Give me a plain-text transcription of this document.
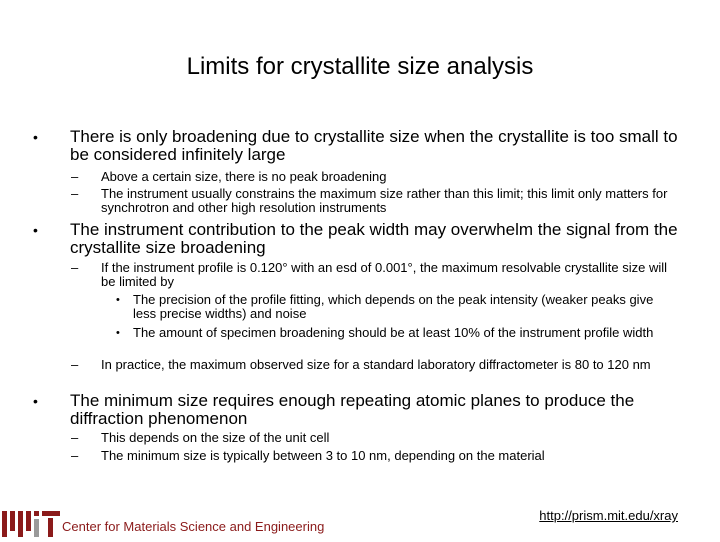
Limits for crystallite size analysis
• There is only broadening due to crystallite size when the crystallite is too small to be considered infinitely large
– Above a certain size, there is no peak broadening
– The instrument usually constrains the maximum size rather than this limit; this limit only matters for synchrotron and other high resolution instruments
• The instrument contribution to the peak width may overwhelm the signal from the crystallite size broadening
– If the instrument profile is 0.120° with an esd of 0.001°, the maximum resolvable crystallite size will be limited by
• The precision of the profile fitting, which depends on the peak intensity (weaker peaks give less precise widths) and noise
• The amount of specimen broadening should be at least 10% of the instrument profile width
– In practice, the maximum observed size for a standard laboratory diffractometer is 80 to 120 nm
• The minimum size requires enough repeating atomic planes to produce the diffraction phenomenon
– This depends on the size of the unit cell
– The minimum size is typically between 3 to 10 nm, depending on the material
Center for Materials Science and Engineering
http://prism.mit.edu/xray
